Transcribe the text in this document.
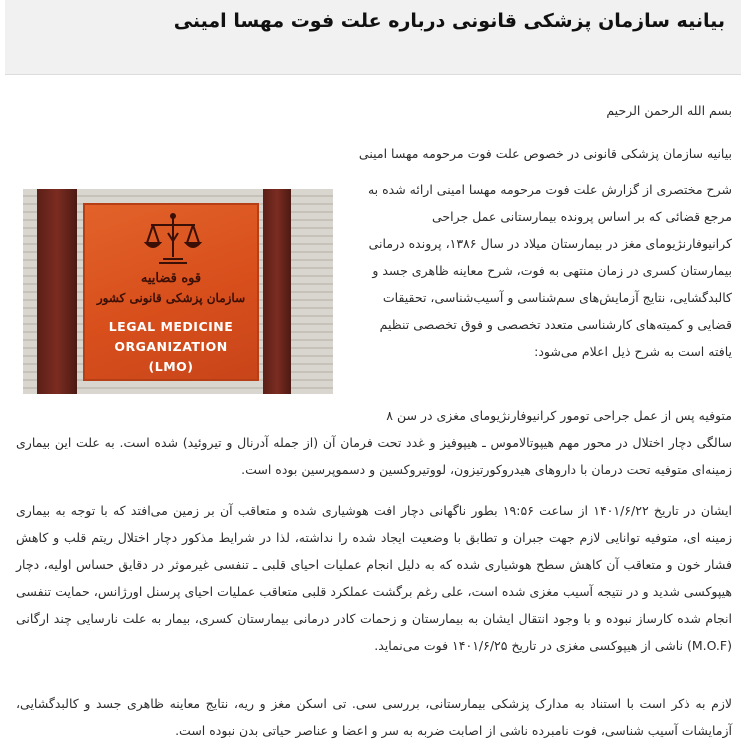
بیانیه سازمان پزشکی قانونی درباره علت فوت مهسا امینی

بسم الله الرحمن الرحیم

بیانیه سازمان پزشکی قانونی در خصوص علت فوت مرحومه مهسا امینی

شرح مختصری از گزارش علت فوت مرحومه مهسا امینی ارائه شده به

مرجع قضائی که بر اساس پرونده بیمارستانی عمل جراحی

کرانیوفارنژیومای مغز در بیمارستان میلاد در سال ۱۳۸۶، پرونده درمانی

بیمارستان کسری در زمان منتهی به فوت، شرح معاینه ظاهری جسد و

کالبدگشایی، نتایج آزمایش‌های سم‌شناسی و آسیب‌شناسی، تحقیقات

قضایی و کمیته‌های کارشناسی متعدد تخصصی و فوق تخصصی تنظیم

یافته است به شرح ذیل اعلام می‌شود:

قوه قضاییه
سازمان پزشکی قانونی کشور
LEGAL MEDICINE
ORGANIZATION
(LMO)

متوفیه پس از عمل جراحی تومور کرانیوفارنژیومای مغزی در سن ۸

سالگی دچار اختلال در محور مهم هیپوتالاموس ـ هیپوفیز و غدد تحت فرمان آن (از جمله آدرنال و تیروئید) شده است. به علت این بیماری زمینه‌ای متوفیه تحت درمان با داروهای هیدروکورتیزون، لووتیروکسین و دسموپرسین بوده است.

ایشان در تاریخ ۱۴۰۱/۶/۲۲ از ساعت ۱۹:۵۶ بطور ناگهانی دچار افت هوشیاری شده و متعاقب آن بر زمین می‌افتد که با توجه به بیماری زمینه ای، متوفیه توانایی لازم جهت جبران و تطابق با وضعیت ایجاد شده را نداشته، لذا در شرایط مذکور دچار اختلال ریتم قلب و کاهش فشار خون و متعاقب آن کاهش سطح هوشیاری شده که به دلیل انجام عملیات احیای قلبی ـ تنفسی غیرموثر در دقایق حساس اولیه، دچار هیپوکسی شدید و در نتیجه آسیب مغزی شده است، علی رغم برگشت عملکرد قلبی متعاقب عملیات احیای پرسنل اورژانس، حمایت تنفسی انجام شده کارساز نبوده و با وجود انتقال ایشان به بیمارستان و زحمات کادر درمانی بیمارستان کسری، بیمار به علت نارسایی چند ارگانی (M.O.F) ناشی از هیپوکسی مغزی در تاریخ ۱۴۰۱/۶/۲۵ فوت می‌نماید.

لازم به ذکر است با استناد به مدارک پزشکی بیمارستانی، بررسی سی. تی اسکن مغز و ریه، نتایج معاینه ظاهری جسد و کالبدگشایی، آزمایشات آسیب شناسی، فوت نامبرده ناشی از اصابت ضربه به سر و اعضا و عناصر حیاتی بدن نبوده است.
